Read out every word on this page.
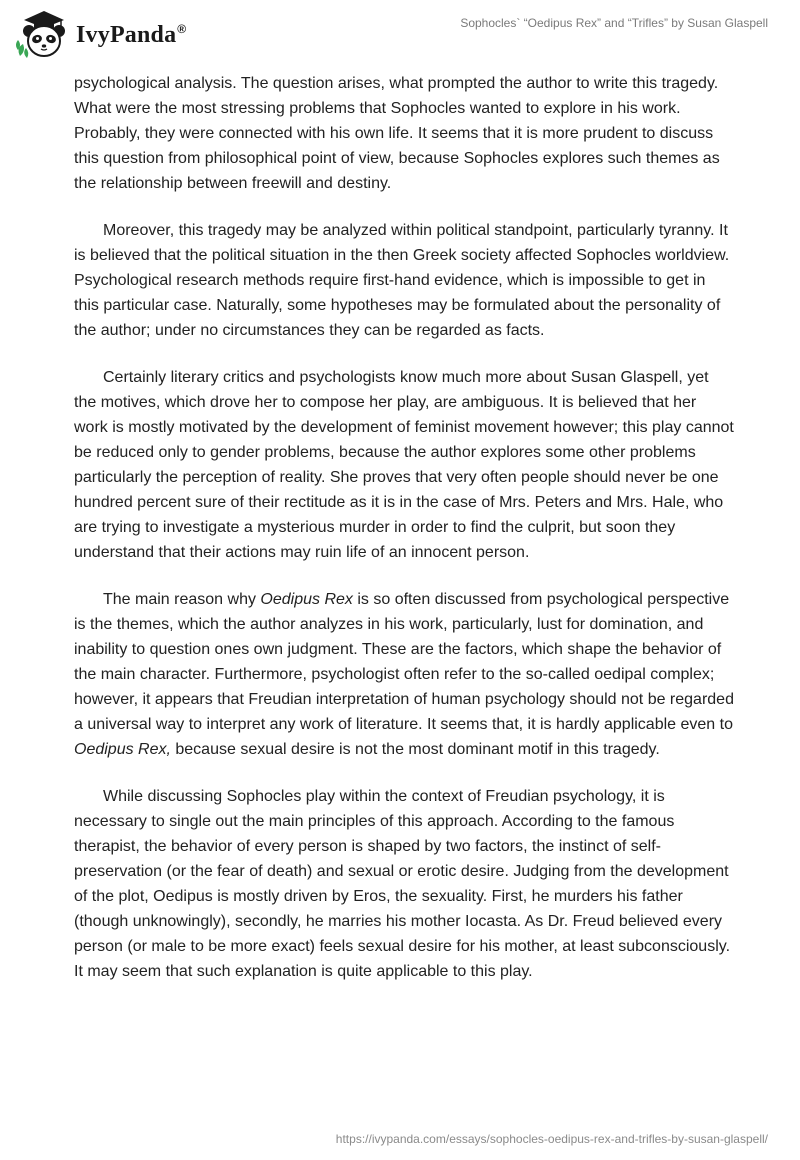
IvyPanda®	Sophocles` “Oedipus Rex” and “Trifles” by Susan Glaspell

psychological analysis. The question arises, what prompted the author to write this tragedy. What were the most stressing problems that Sophocles wanted to explore in his work. Probably, they were connected with his own life. It seems that it is more prudent to discuss this question from philosophical point of view, because Sophocles explores such themes as the relationship between freewill and destiny.

Moreover, this tragedy may be analyzed within political standpoint, particularly tyranny. It is believed that the political situation in the then Greek society affected Sophocles worldview. Psychological research methods require first-hand evidence, which is impossible to get in this particular case. Naturally, some hypotheses may be formulated about the personality of the author; under no circumstances they can be regarded as facts.

Certainly literary critics and psychologists know much more about Susan Glaspell, yet the motives, which drove her to compose her play, are ambiguous. It is believed that her work is mostly motivated by the development of feminist movement however; this play cannot be reduced only to gender problems, because the author explores some other problems particularly the perception of reality. She proves that very often people should never be one hundred percent sure of their rectitude as it is in the case of Mrs. Peters and Mrs. Hale, who are trying to investigate a mysterious murder in order to find the culprit, but soon they understand that their actions may ruin life of an innocent person.

The main reason why Oedipus Rex is so often discussed from psychological perspective is the themes, which the author analyzes in his work, particularly, lust for domination, and inability to question ones own judgment. These are the factors, which shape the behavior of the main character. Furthermore, psychologist often refer to the so-called oedipal complex; however, it appears that Freudian interpretation of human psychology should not be regarded a universal way to interpret any work of literature. It seems that, it is hardly applicable even to Oedipus Rex, because sexual desire is not the most dominant motif in this tragedy.

While discussing Sophocles play within the context of Freudian psychology, it is necessary to single out the main principles of this approach. According to the famous therapist, the behavior of every person is shaped by two factors, the instinct of self-preservation (or the fear of death) and sexual or erotic desire. Judging from the development of the plot, Oedipus is mostly driven by Eros, the sexuality. First, he murders his father (though unknowingly), secondly, he marries his mother Iocasta. As Dr. Freud believed every person (or male to be more exact) feels sexual desire for his mother, at least subconsciously. It may seem that such explanation is quite applicable to this play.

https://ivypanda.com/essays/sophocles-oedipus-rex-and-trifles-by-susan-glaspell/
